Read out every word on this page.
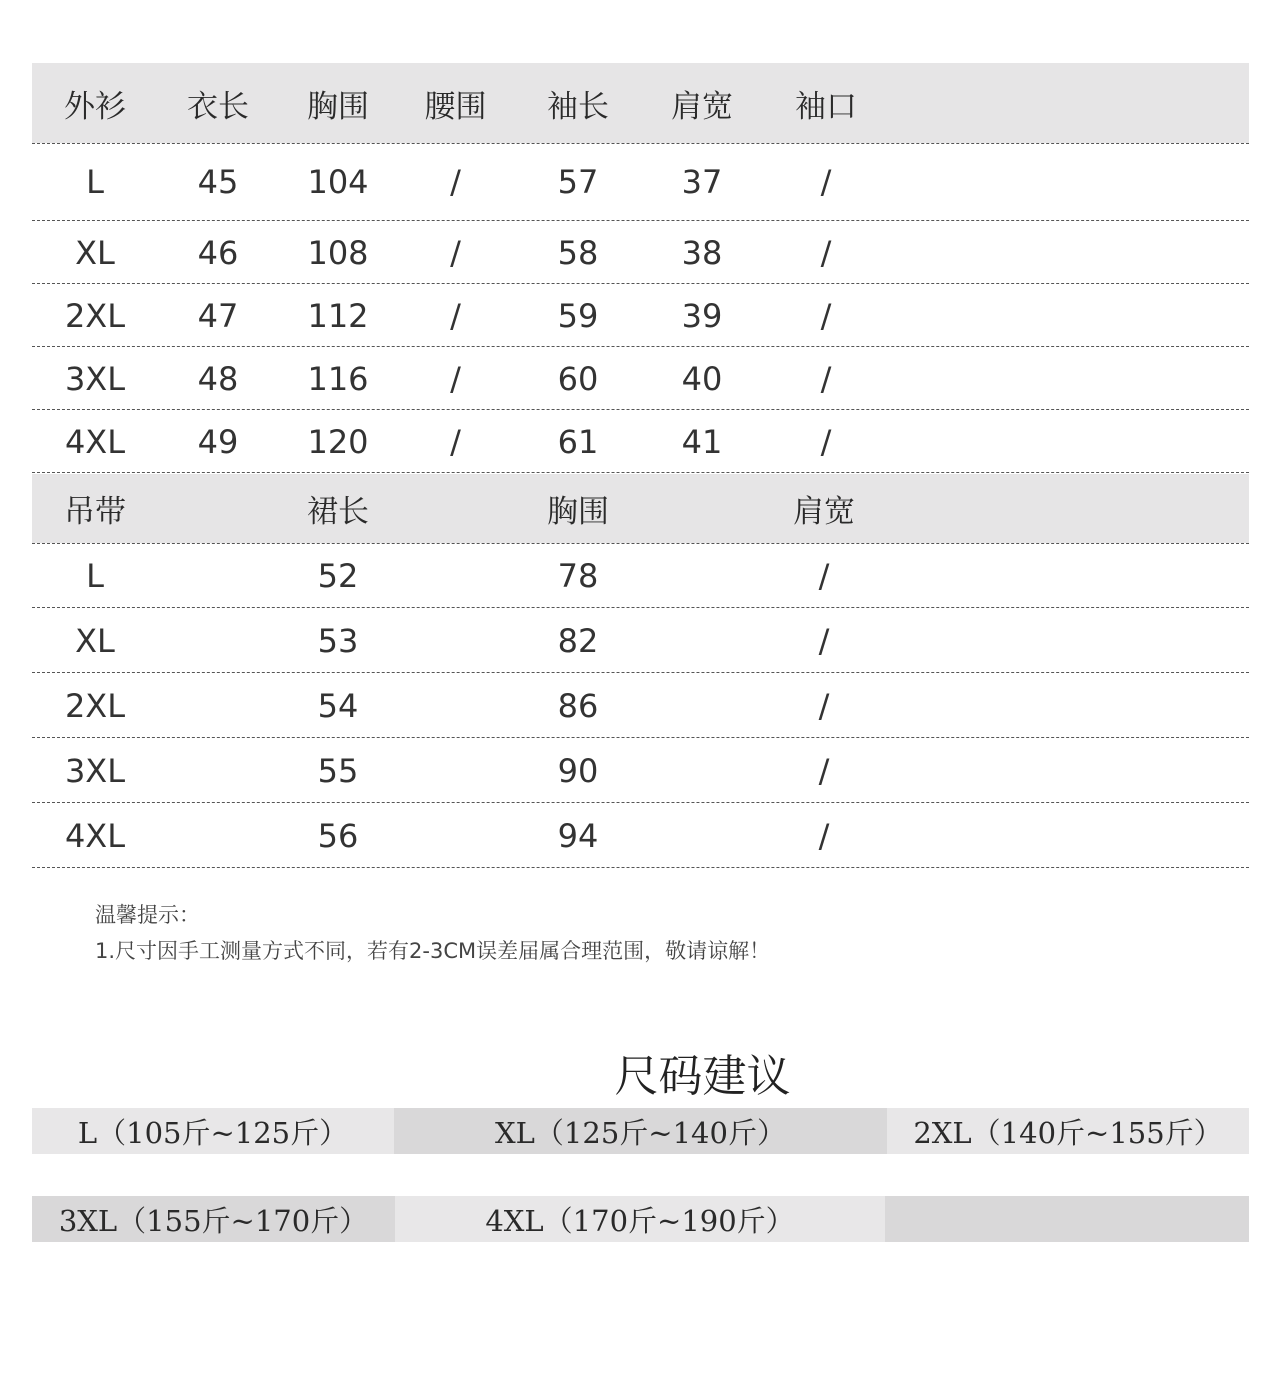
外衫	衣长	胸围	腰围	袖长	肩宽	袖口
L	45	104	/	57	37	/
XL	46	108	/	58	38	/
2XL	47	112	/	59	39	/
3XL	48	116	/	60	40	/
4XL	49	120	/	61	41	/
吊带	裙长	胸围	肩宽
L	52	78	/
XL	53	82	/
2XL	54	86	/
3XL	55	90	/
4XL	56	94	/
温馨提示：
1.尺寸因手工测量方式不同，若有2-3CM误差届属合理范围，敬请谅解！
尺码建议
L（105斤~125斤）	XL（125斤~140斤）	2XL（140斤~155斤）
3XL（155斤~170斤）	4XL（170斤~190斤）
